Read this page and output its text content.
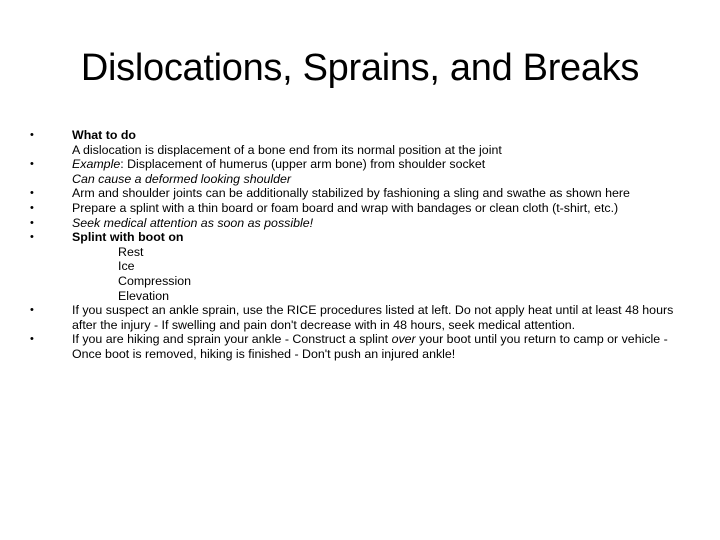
Dislocations, Sprains, and Breaks
•	What to do
A dislocation is displacement of a bone end from its normal position at the joint
•	Example: Displacement of humerus (upper arm bone) from shoulder socket
Can cause a deformed looking shoulder
•	Arm and shoulder joints can be additionally stabilized by fashioning a sling and swathe as shown here
•	Prepare a splint with a thin board or foam board and wrap with bandages or clean cloth (t-shirt, etc.)
•	Seek medical attention as soon as possible!
•	Splint with boot on
Rest
Ice
Compression
Elevation
•	If you suspect an ankle sprain, use the RICE procedures listed at left. Do not apply heat until at least 48 hours after the injury - If swelling and pain don't decrease with in 48 hours, seek medical attention.
•	If you are hiking and sprain your ankle - Construct a splint over your boot until you return to camp or vehicle - Once boot is removed, hiking is finished - Don't push an injured ankle!
